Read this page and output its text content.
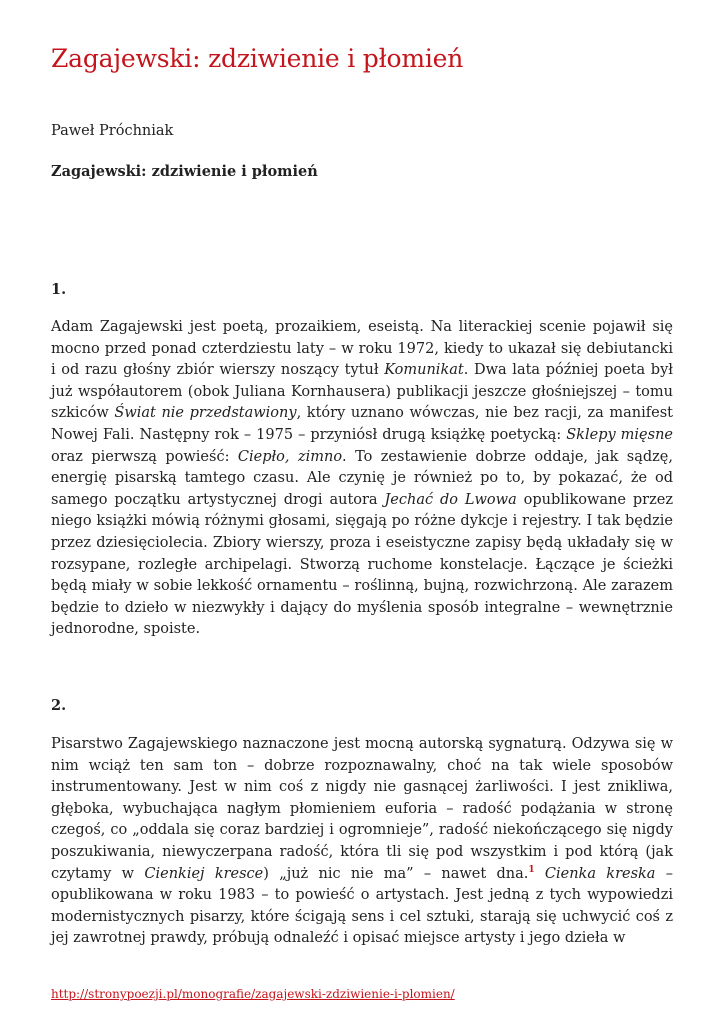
Zagajewski: zdziwienie i płomień
Paweł Próchniak
Zagajewski: zdziwienie i płomień
1.

Adam Zagajewski jest poetą, prozaikiem, eseistą. Na literackiej scenie pojawił się mocno przed ponad czterdziestu laty – w roku 1972, kiedy to ukazał się debiutancki i od razu głośny zbiór wierszy noszący tytuł Komunikat. Dwa lata później poeta był już współautorem (obok Juliana Kornhausera) publikacji jeszcze głośniejszej – tomu szkiców Świat nie przedstawiony, który uznano wówczas, nie bez racji, za manifest Nowej Fali. Następny rok – 1975 – przyniósł drugą książkę poetycką: Sklepy mięsne oraz pierwszą powieść: Ciepło, zimno. To zestawienie dobrze oddaje, jak sądzę, energię pisarską tamtego czasu. Ale czynię je również po to, by pokazać, że od samego początku artystycznej drogi autora Jechać do Lwowa opublikowane przez niego książki mówią różnymi głosami, sięgają po różne dykcje i rejestry. I tak będzie przez dziesięciolecia. Zbiory wierszy, proza i eseistyczne zapisy będą układały się w rozsypane, rozległe archipelagi. Stworzą ruchome konstelacje. Łączące je ścieżki będą miały w sobie lekkość ornamentu – roślinną, bujną, rozwichrzoną. Ale zarazem będzie to dzieło w niezwykły i dający do myślenia sposób integralne – wewnętrznie jednorodne, spoiste.

2.

Pisarstwo Zagajewskiego naznaczone jest mocną autorską sygnaturą. Odzywa się w nim wciąż ten sam ton – dobrze rozpoznawalny, choć na tak wiele sposobów instrumentowany. Jest w nim coś z nigdy nie gasnącej żarliwości. I jest znikliwa, głęboka, wybuchająca nagłym płomieniem euforia – radość podążania w stronę czegoś, co „oddala się coraz bardziej i ogromnieje”, radość niekończącego się nigdy poszukiwania, niewyczerpana radość, która tli się pod wszystkim i pod którą (jak czytamy w Cienkiej kresce) „już nic nie ma” – nawet dna.$^1$ Cienka kreska – opublikowana w roku 1983 – to powieść o artystach. Jest jedną z tych wypowiedzi modernistycznych pisarzy, które ścigają sens i cel sztuki, starają się uchwycić coś z jej zawrotnej prawdy, próbują odnaleźć i opisać miejsce artysty i jego dzieła w

http://stronypoezji.pl/monografie/zagajewski-zdziwienie-i-plomien/
